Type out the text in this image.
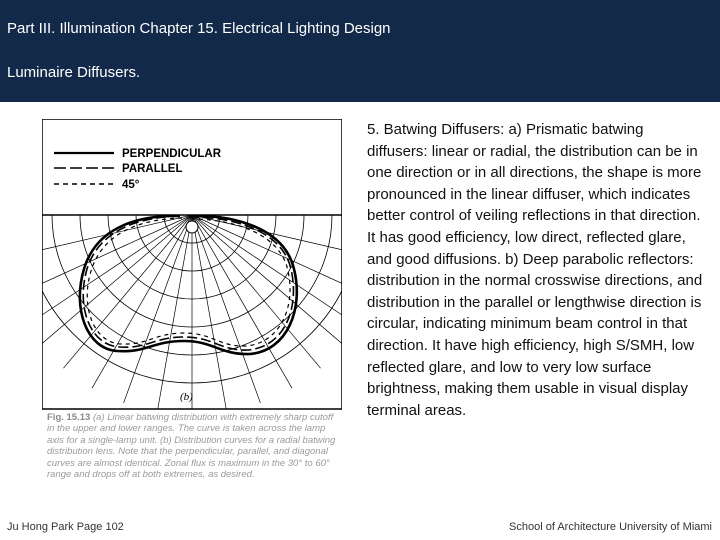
Part III. Illumination Chapter 15. Electrical Lighting Design
Luminaire Diffusers.
PERPENDICULAR
PARALLEL
45°
(b)
Fig. 15.13 (a) Linear batwing distribution with extremely sharp cutoff in the upper and lower ranges. The curve is taken across the lamp axis for a single-lamp unit. (b) Distribution curves for a radial batwing distribution lens. Note that the perpendicular, parallel, and diagonal curves are almost identical. Zonal flux is maximum in the 30° to 60° range and drops off at both extremes, as desired.
5. Batwing Diffusers: a) Prismatic batwing diffusers: linear or radial, the distribution can be in one direction or in all directions, the shape is more pronounced in the linear diffuser, which indicates better control of veiling reflections in that direction. It has good efficiency, low direct, reflected glare, and good diffusions. b) Deep parabolic reflectors: distribution in the normal crosswise directions, and distribution in the parallel or lengthwise direction is circular, indicating minimum beam control in that direction. It have high efficiency, high S/SMH, low reflected glare, and low to very low surface brightness, making them usable in visual display terminal areas.
Ju Hong Park Page 102	School of Architecture University of Miami
